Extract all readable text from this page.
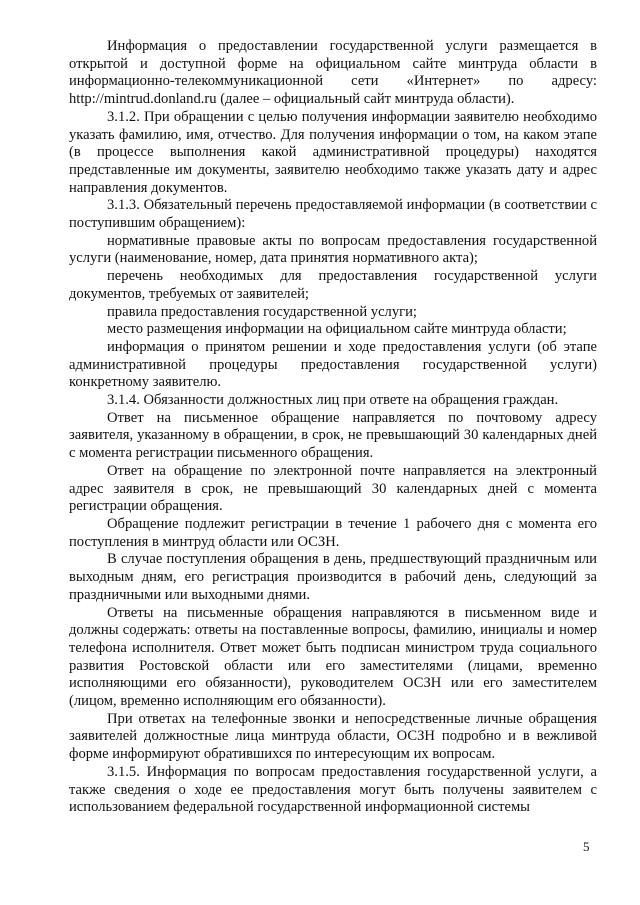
Информация о предоставлении государственной услуги размещается в открытой и доступной форме на официальном сайте минтруда области в информационно-телекоммуникационной сети «Интернет» по адресу: http://mintrud.donland.ru (далее – официальный сайт минтруда области).

3.1.2. При обращении с целью получения информации заявителю необходимо указать фамилию, имя, отчество. Для получения информации о том, на каком этапе (в процессе выполнения какой административной процедуры) находятся представленные им документы, заявителю необходимо также указать дату и адрес направления документов.

3.1.3. Обязательный перечень предоставляемой информации (в соответствии с поступившим обращением):

нормативные правовые акты по вопросам предоставления государственной услуги (наименование, номер, дата принятия нормативного акта);

перечень необходимых для предоставления государственной услуги документов, требуемых от заявителей;

правила предоставления государственной услуги;

место размещения информации на официальном сайте минтруда области;

информация о принятом решении и ходе предоставления услуги (об этапе административной процедуры предоставления государственной услуги) конкретному заявителю.

3.1.4. Обязанности должностных лиц при ответе на обращения граждан.

Ответ на письменное обращение направляется по почтовому адресу заявителя, указанному в обращении, в срок, не превышающий 30 календарных дней с момента регистрации письменного обращения.

Ответ на обращение по электронной почте направляется на электронный адрес заявителя в срок, не превышающий 30 календарных дней с момента регистрации обращения.

Обращение подлежит регистрации в течение 1 рабочего дня с момента его поступления в минтруд области или ОСЗН.

В случае поступления обращения в день, предшествующий праздничным или выходным дням, его регистрация производится в рабочий день, следующий за праздничными или выходными днями.

Ответы на письменные обращения направляются в письменном виде и должны содержать: ответы на поставленные вопросы, фамилию, инициалы и номер телефона исполнителя. Ответ может быть подписан министром труда социального развития Ростовской области или его заместителями (лицами, временно исполняющими его обязанности), руководителем ОСЗН или его заместителем (лицом, временно исполняющим его обязанности).

При ответах на телефонные звонки и непосредственные личные обращения заявителей должностные лица минтруда области, ОСЗН подробно и в вежливой форме информируют обратившихся по интересующим их вопросам.

3.1.5. Информация по вопросам предоставления государственной услуги, а также сведения о ходе ее предоставления могут быть получены заявителем с использованием федеральной государственной информационной системы

5
